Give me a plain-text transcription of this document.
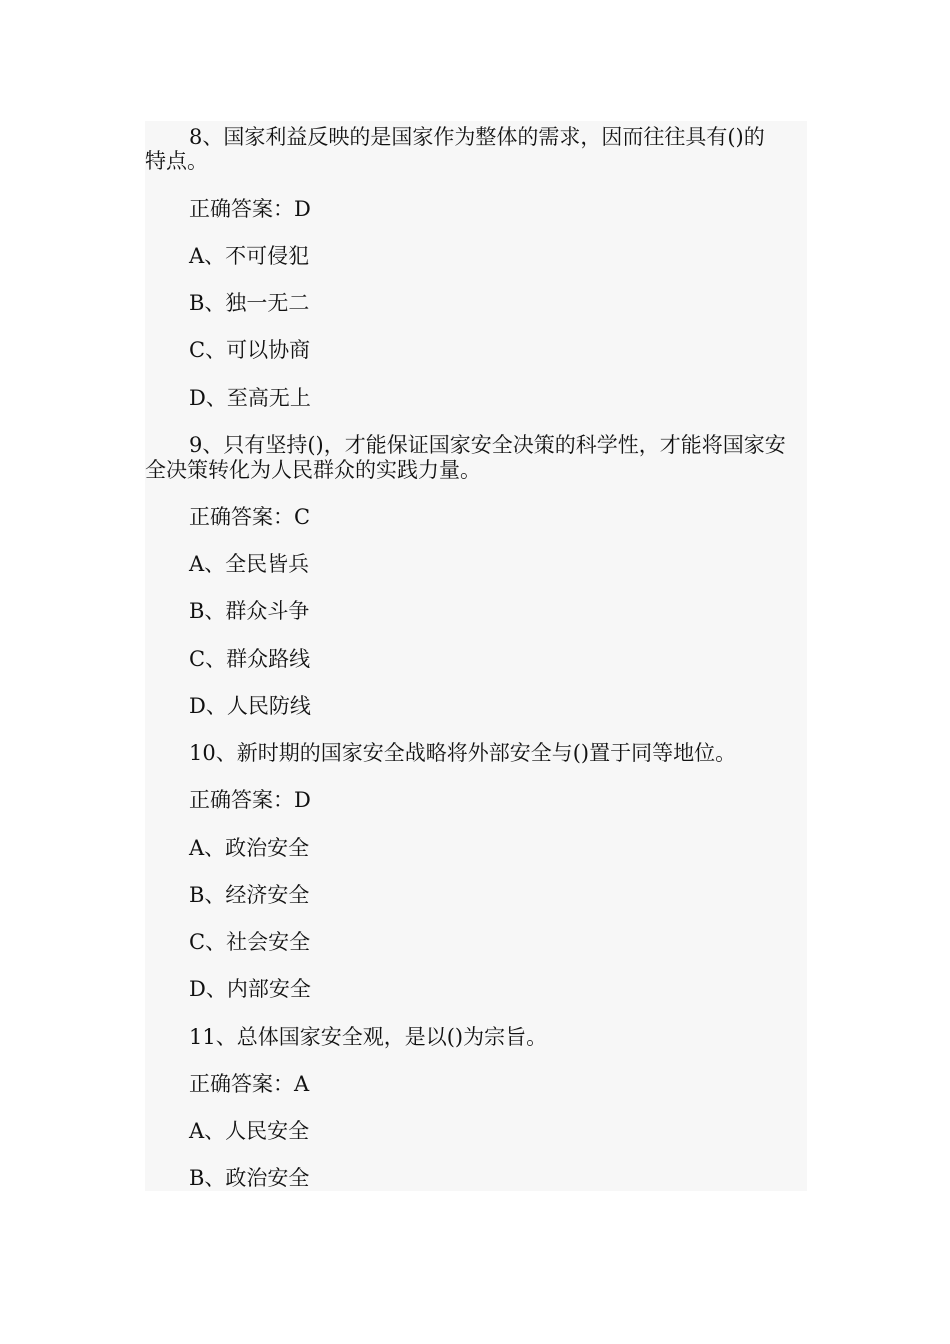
8、国家利益反映的是国家作为整体的需求，因而往往具有()的
特点。
正确答案：D
A、不可侵犯
B、独一无二
C、可以协商
D、至高无上
9、只有坚持()，才能保证国家安全决策的科学性，才能将国家安
全决策转化为人民群众的实践力量。
正确答案：C
A、全民皆兵
B、群众斗争
C、群众路线
D、人民防线
10、新时期的国家安全战略将外部安全与()置于同等地位。
正确答案：D
A、政治安全
B、经济安全
C、社会安全
D、内部安全
11、总体国家安全观，是以()为宗旨。
正确答案：A
A、人民安全
B、政治安全
